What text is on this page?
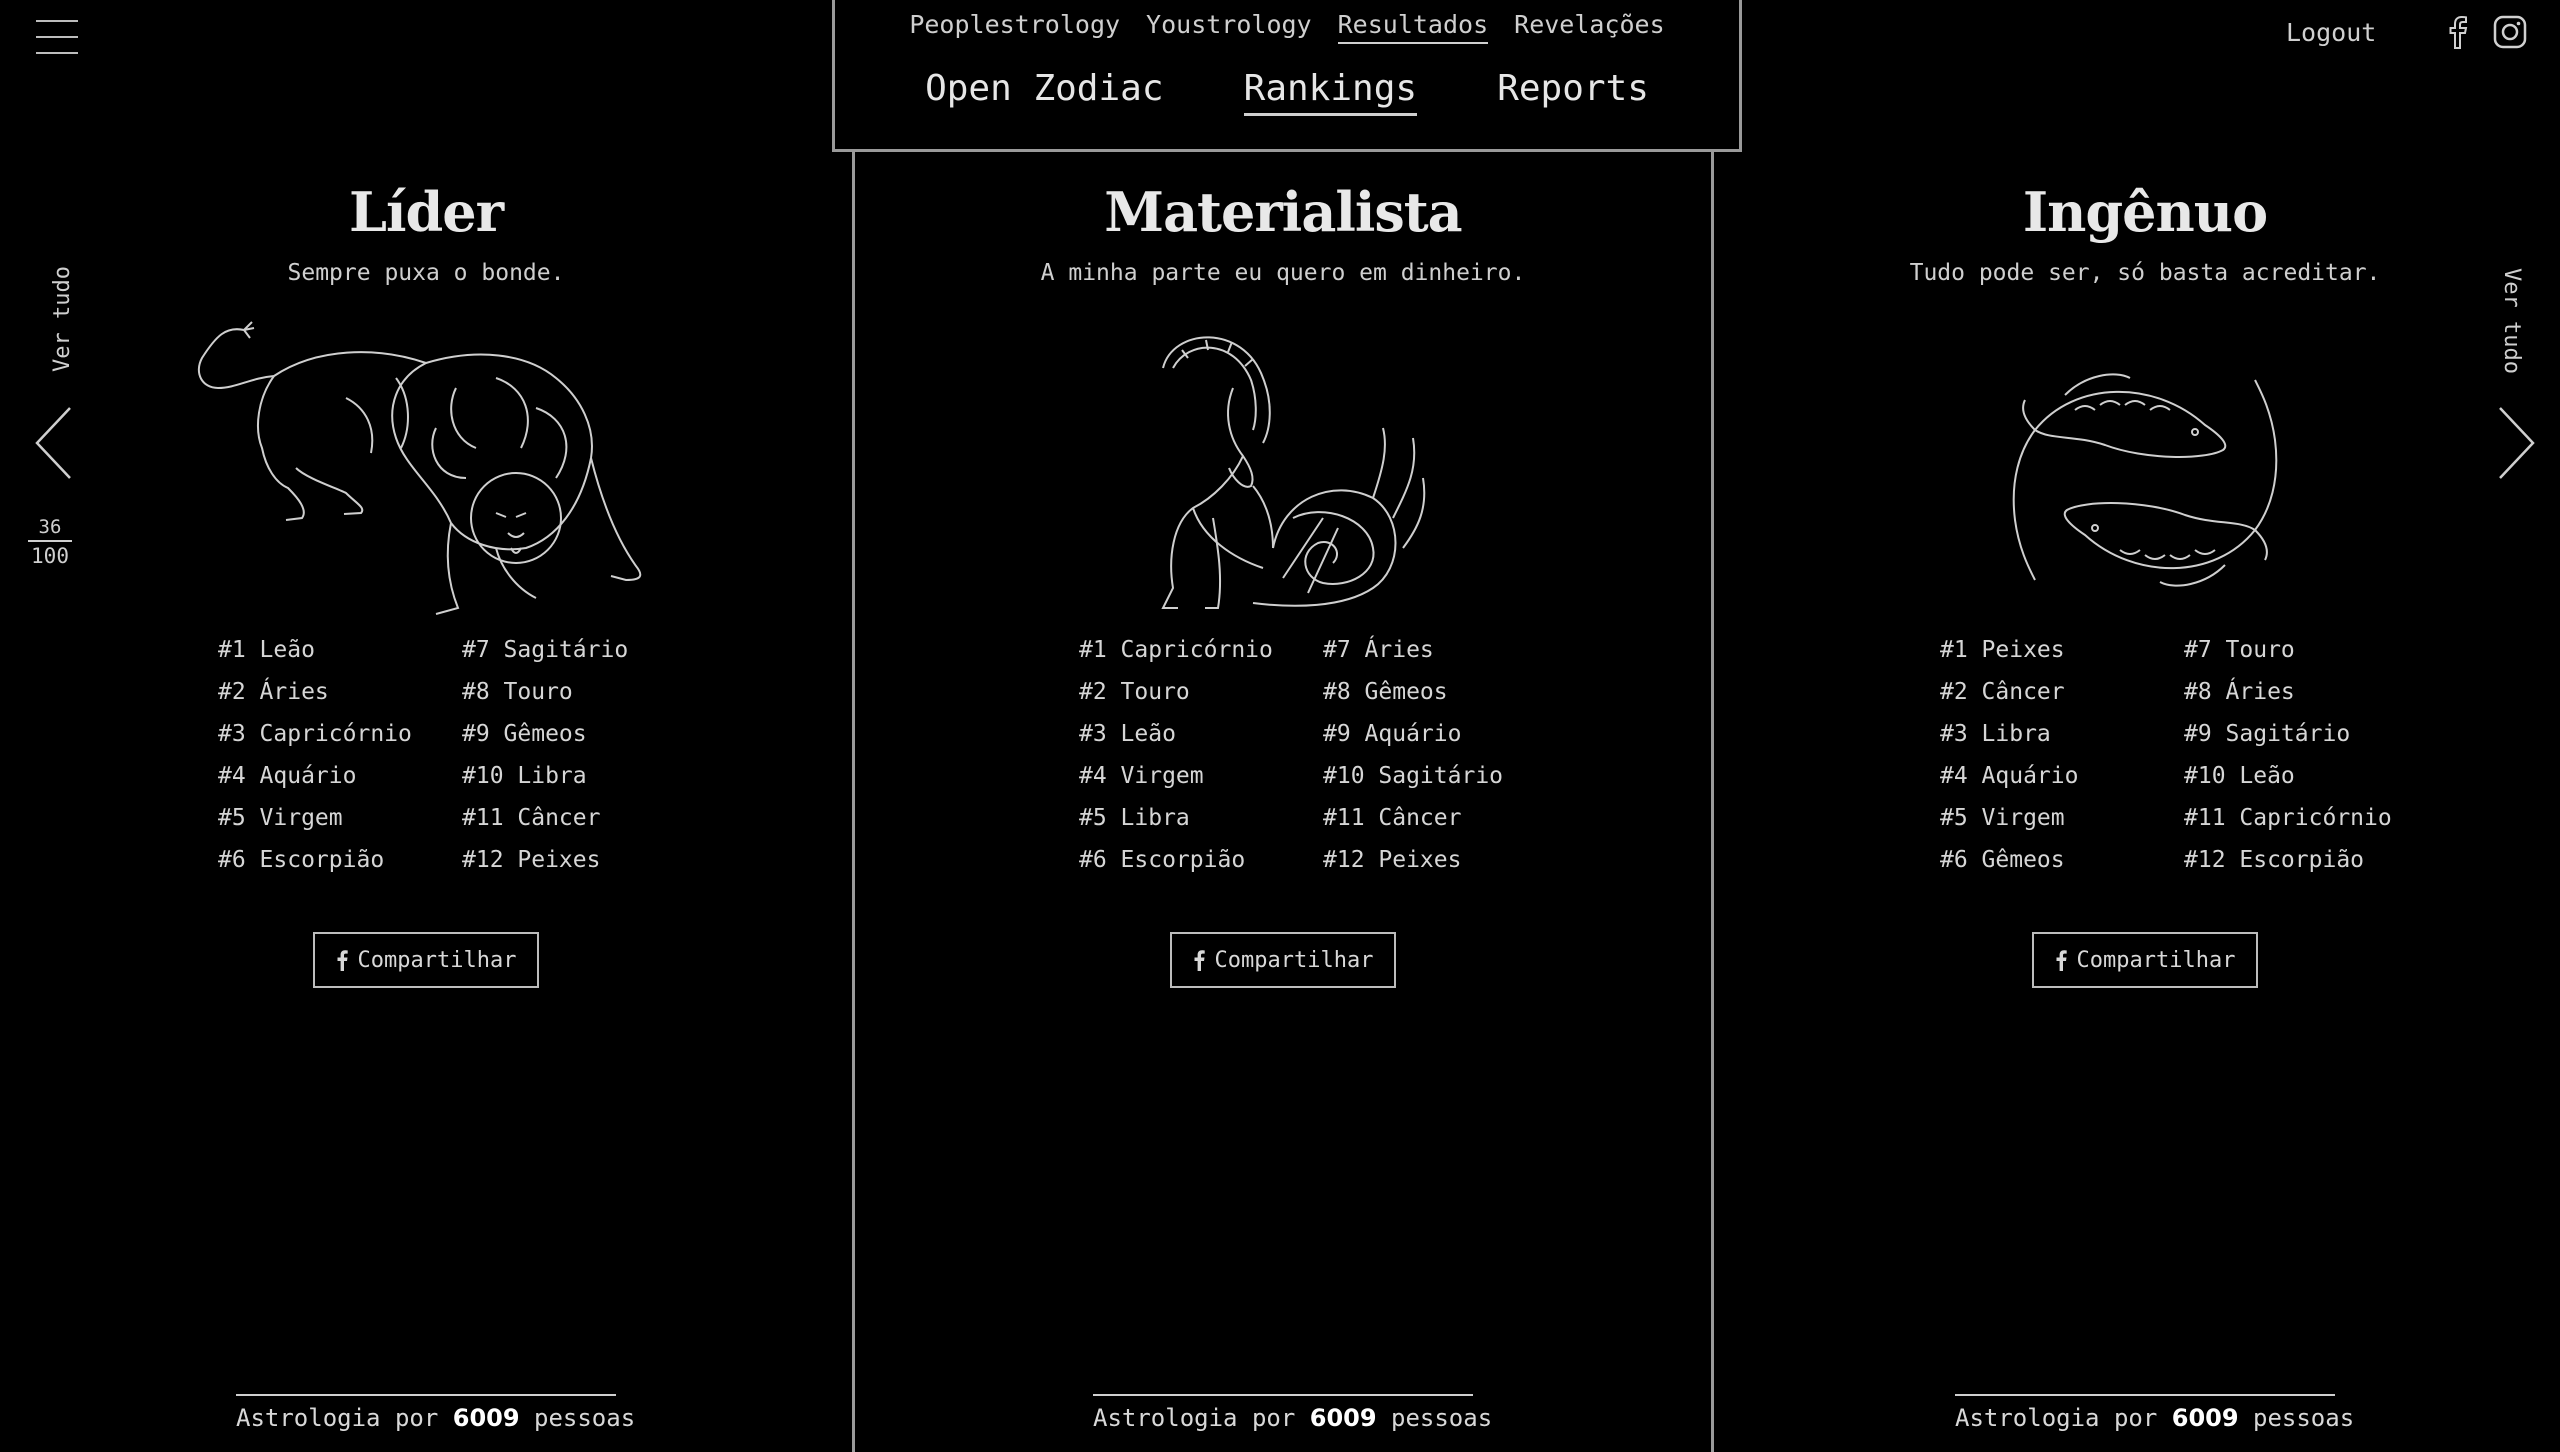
Peoplestrology Youstrology Resultados Revelações
Open Zodiac Rankings Reports
Logout
Ver tudo
$\frac{36}{100}$
Ver tudo
Líder

Sempre puxa o bonde.

#1 Leão	#7 Sagitário
#2 Áries	#8 Touro
#3 Capricórnio	#9 Gêmeos
#4 Aquário	#10 Libra
#5 Virgem	#11 Câncer
#6 Escorpião	#12 Peixes
Compartilhar
Astrologia por 6009 pessoas
Materialista

A minha parte eu quero em dinheiro.

#1 Capricórnio	#7 Áries
#2 Touro	#8 Gêmeos
#3 Leão	#9 Aquário
#4 Virgem	#10 Sagitário
#5 Libra	#11 Câncer
#6 Escorpião	#12 Peixes
Compartilhar
Astrologia por 6009 pessoas
Ingênuo

Tudo pode ser, só basta acreditar.

#1 Peixes	#7 Touro
#2 Câncer	#8 Áries
#3 Libra	#9 Sagitário
#4 Aquário	#10 Leão
#5 Virgem	#11 Capricórnio
#6 Gêmeos	#12 Escorpião
Compartilhar
Astrologia por 6009 pessoas
